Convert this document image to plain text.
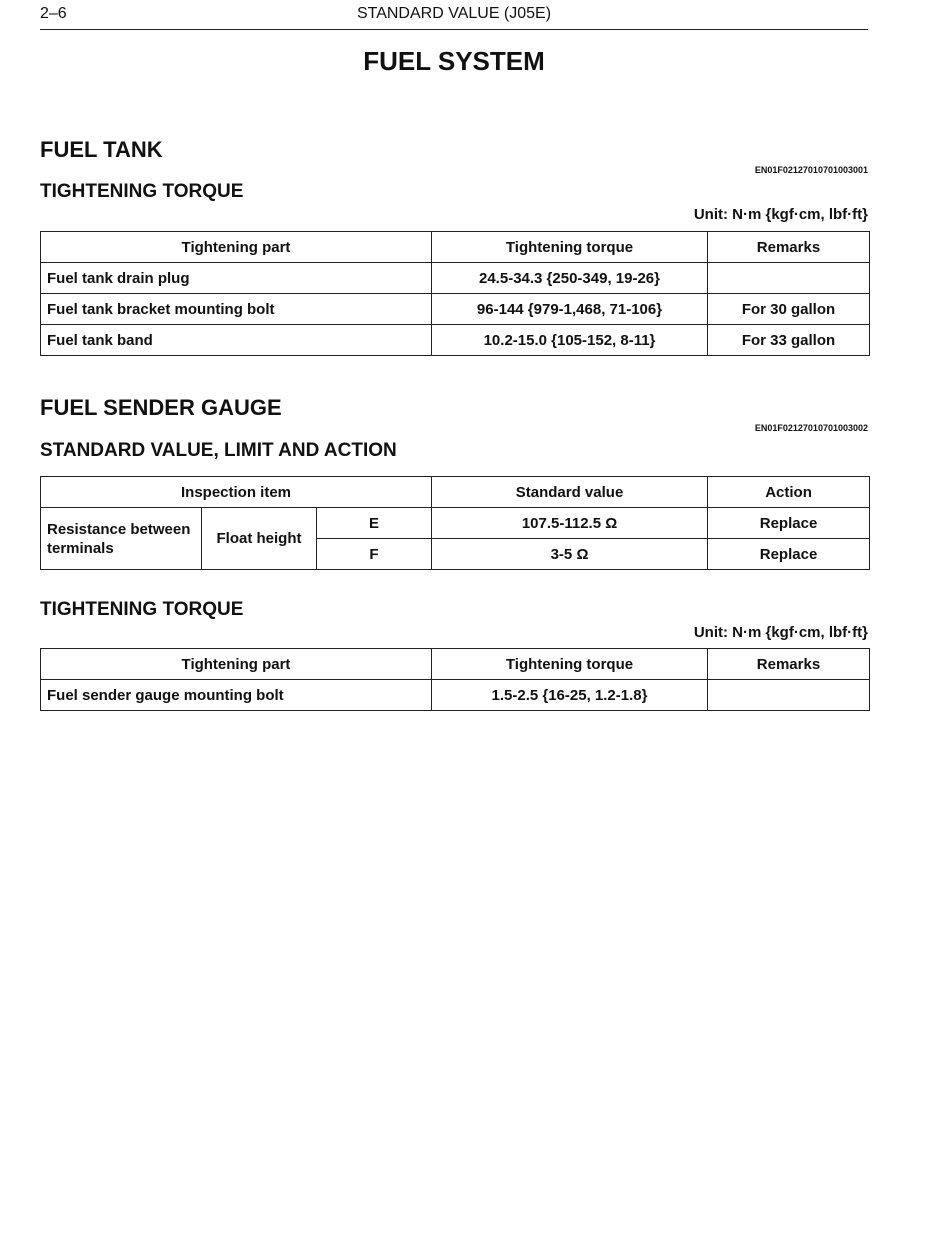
2–6	STANDARD VALUE (J05E)
FUEL SYSTEM
FUEL TANK
EN01F02127010701003001
TIGHTENING TORQUE
Unit: N·m {kgf·cm, lbf·ft}
Tightening part	Tightening torque	Remarks
Fuel tank drain plug	24.5-34.3 {250-349, 19-26}	
Fuel tank bracket mounting bolt	96-144 {979-1,468, 71-106}	For 30 gallon
Fuel tank band	10.2-15.0 {105-152, 8-11}	For 33 gallon
FUEL SENDER GAUGE
EN01F02127010701003002
STANDARD VALUE, LIMIT AND ACTION
Inspection item			Standard value	Action
Resistance between terminals	Float height	E	107.5-112.5 Ω	Replace
		F	3-5 Ω	Replace
TIGHTENING TORQUE
Unit: N·m {kgf·cm, lbf·ft}
Tightening part	Tightening torque	Remarks
Fuel sender gauge mounting bolt	1.5-2.5 {16-25, 1.2-1.8}	
